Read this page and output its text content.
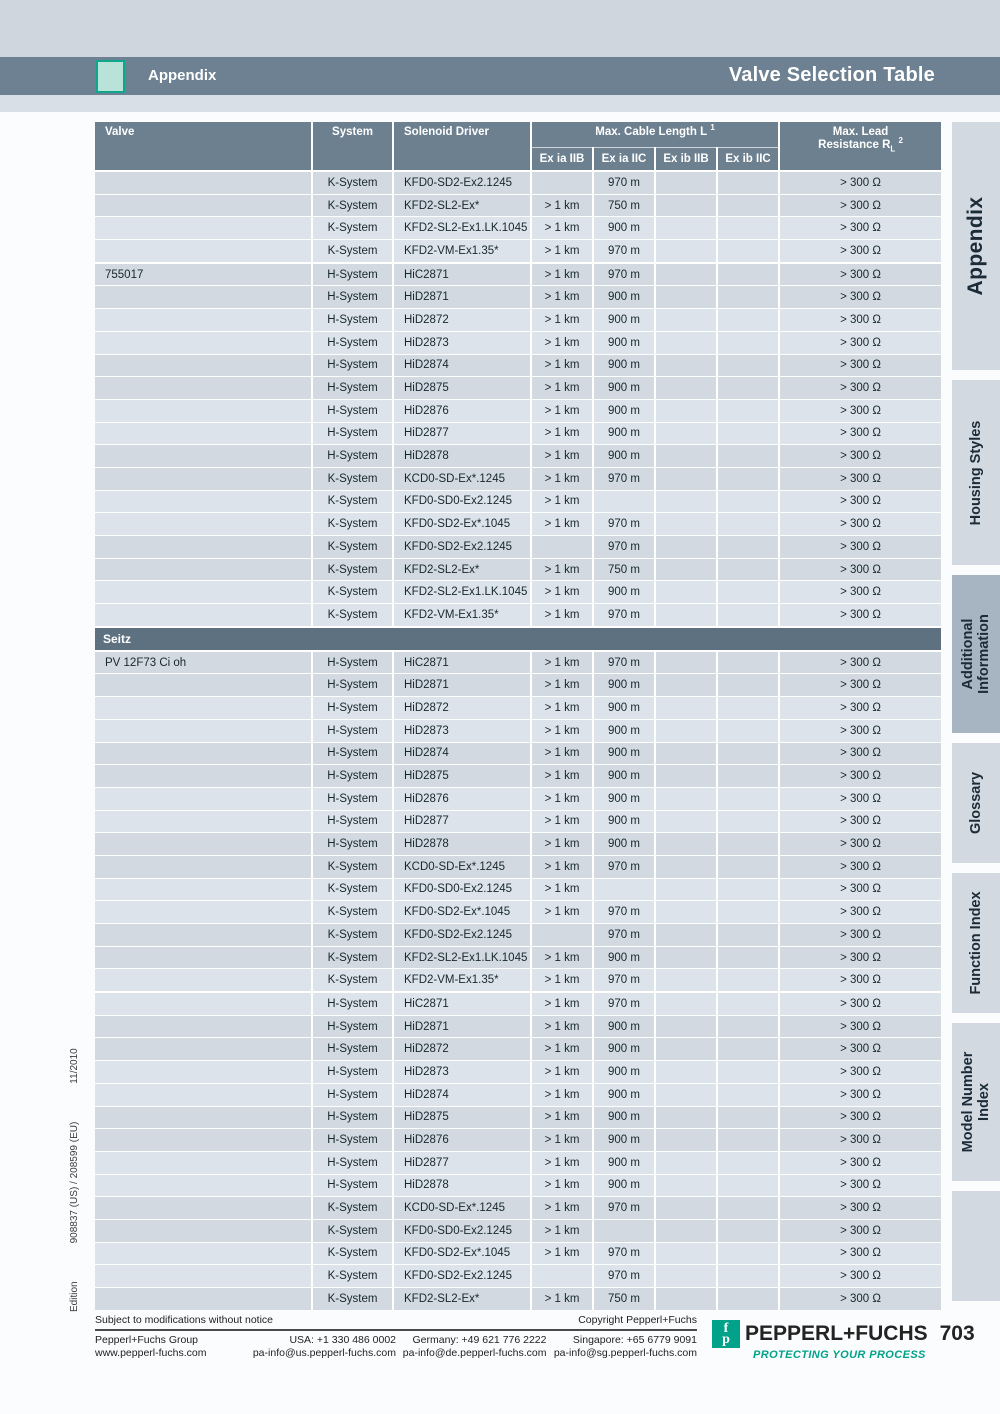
Appendix	Valve Selection Table
Valve	System	Solenoid Driver	Max. Cable Length L $^1$				Max. Lead
Resistance $R_L$ $^2$
			Ex ia IIB	Ex ia IIC	Ex ib IIB	Ex ib IIC	
	K-System	KFD0-SD2-Ex2.1245		970 m			> 300 Ω
	K-System	KFD2-SL2-Ex*	> 1 km	750 m			> 300 Ω
	K-System	KFD2-SL2-Ex1.LK.1045	> 1 km	900 m			> 300 Ω
	K-System	KFD2-VM-Ex1.35*	> 1 km	970 m			> 300 Ω
755017	H-System	HiC2871	> 1 km	970 m			> 300 Ω
	H-System	HiD2871	> 1 km	900 m			> 300 Ω
	H-System	HiD2872	> 1 km	900 m			> 300 Ω
	H-System	HiD2873	> 1 km	900 m			> 300 Ω
	H-System	HiD2874	> 1 km	900 m			> 300 Ω
	H-System	HiD2875	> 1 km	900 m			> 300 Ω
	H-System	HiD2876	> 1 km	900 m			> 300 Ω
	H-System	HiD2877	> 1 km	900 m			> 300 Ω
	H-System	HiD2878	> 1 km	900 m			> 300 Ω
	K-System	KCD0-SD-Ex*.1245	> 1 km	970 m			> 300 Ω
	K-System	KFD0-SD0-Ex2.1245	> 1 km				> 300 Ω
	K-System	KFD0-SD2-Ex*.1045	> 1 km	970 m			> 300 Ω
	K-System	KFD0-SD2-Ex2.1245		970 m			> 300 Ω
	K-System	KFD2-SL2-Ex*	> 1 km	750 m			> 300 Ω
	K-System	KFD2-SL2-Ex1.LK.1045	> 1 km	900 m			> 300 Ω
	K-System	KFD2-VM-Ex1.35*	> 1 km	970 m			> 300 Ω
Seitz							
PV 12F73 Ci oh	H-System	HiC2871	> 1 km	970 m			> 300 Ω
	H-System	HiD2871	> 1 km	900 m			> 300 Ω
	H-System	HiD2872	> 1 km	900 m			> 300 Ω
	H-System	HiD2873	> 1 km	900 m			> 300 Ω
	H-System	HiD2874	> 1 km	900 m			> 300 Ω
	H-System	HiD2875	> 1 km	900 m			> 300 Ω
	H-System	HiD2876	> 1 km	900 m			> 300 Ω
	H-System	HiD2877	> 1 km	900 m			> 300 Ω
	H-System	HiD2878	> 1 km	900 m			> 300 Ω
	K-System	KCD0-SD-Ex*.1245	> 1 km	970 m			> 300 Ω
	K-System	KFD0-SD0-Ex2.1245	> 1 km				> 300 Ω
	K-System	KFD0-SD2-Ex*.1045	> 1 km	970 m			> 300 Ω
	K-System	KFD0-SD2-Ex2.1245		970 m			> 300 Ω
	K-System	KFD2-SL2-Ex1.LK.1045	> 1 km	900 m			> 300 Ω
	K-System	KFD2-VM-Ex1.35*	> 1 km	970 m			> 300 Ω
	H-System	HiC2871	> 1 km	970 m			> 300 Ω
	H-System	HiD2871	> 1 km	900 m			> 300 Ω
	H-System	HiD2872	> 1 km	900 m			> 300 Ω
	H-System	HiD2873	> 1 km	900 m			> 300 Ω
	H-System	HiD2874	> 1 km	900 m			> 300 Ω
	H-System	HiD2875	> 1 km	900 m			> 300 Ω
	H-System	HiD2876	> 1 km	900 m			> 300 Ω
	H-System	HiD2877	> 1 km	900 m			> 300 Ω
	H-System	HiD2878	> 1 km	900 m			> 300 Ω
	K-System	KCD0-SD-Ex*.1245	> 1 km	970 m			> 300 Ω
	K-System	KFD0-SD0-Ex2.1245	> 1 km				> 300 Ω
	K-System	KFD0-SD2-Ex*.1045	> 1 km	970 m			> 300 Ω
	K-System	KFD0-SD2-Ex2.1245		970 m			> 300 Ω
	K-System	KFD2-SL2-Ex*	> 1 km	750 m			> 300 Ω
Appendix
Housing Styles
Additional Information
Glossary
Function Index
Model Number Index
Edition
908837 (US) / 208599 (EU)
11/2010
Subject to modifications without notice	Copyright Pepperl+Fuchs
Pepperl+Fuchs Group
www.pepperl-fuchs.com
USA: +1 330 486 0002
pa-info@us.pepperl-fuchs.com
Germany: +49 621 776 2222
pa-info@de.pepperl-fuchs.com
Singapore: +65 6779 9091
pa-info@sg.pepperl-fuchs.com
f
p PEPPERL+FUCHS 703
PROTECTING YOUR PROCESS
